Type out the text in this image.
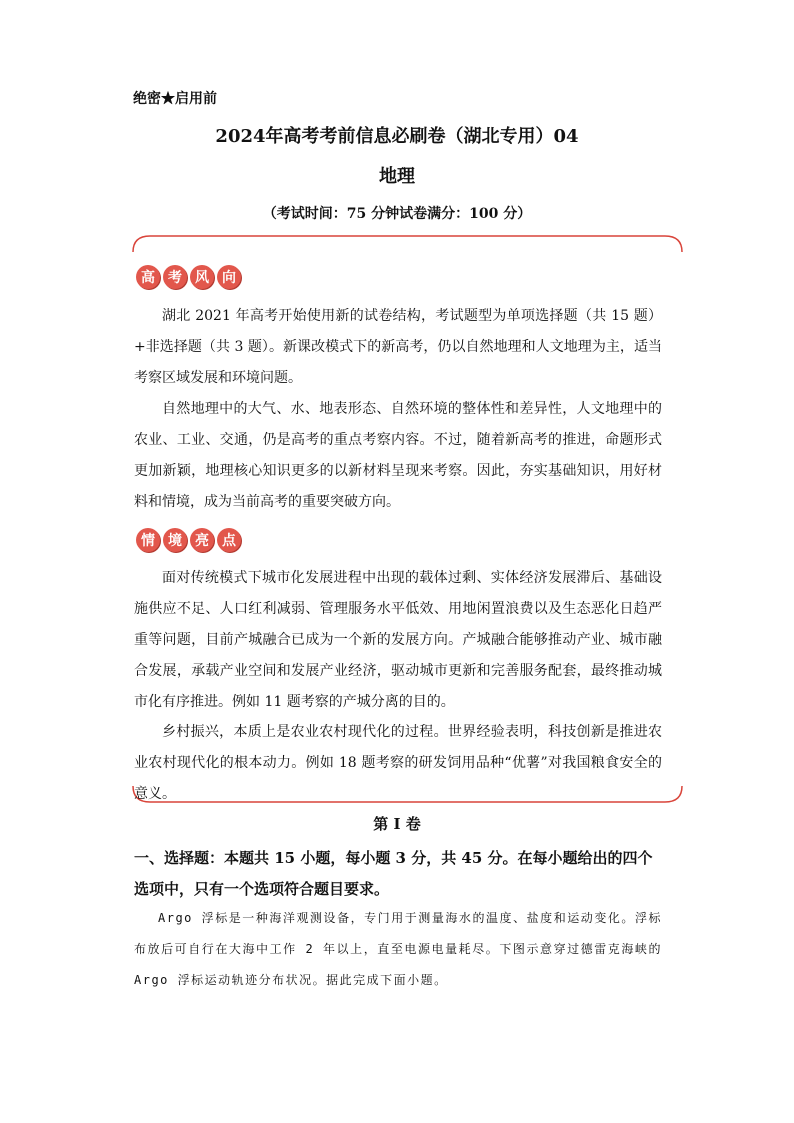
绝密★启用前
2024年高考考前信息必刷卷（湖北专用）04
地理
（考试时间：75 分钟试卷满分：100 分）
高 考 风 向
湖北 2021 年高考开始使用新的试卷结构，考试题型为单项选择题（共 15 题）+非选择题（共 3 题）。新课改模式下的新高考，仍以自然地理和人文地理为主，适当考察区域发展和环境问题。
自然地理中的大气、水、地表形态、自然环境的整体性和差异性，人文地理中的农业、工业、交通，仍是高考的重点考察内容。不过，随着新高考的推进，命题形式更加新颖，地理核心知识更多的以新材料呈现来考察。因此，夯实基础知识，用好材料和情境，成为当前高考的重要突破方向。
情 境 亮 点
面对传统模式下城市化发展进程中出现的载体过剩、实体经济发展滞后、基础设施供应不足、人口红利减弱、管理服务水平低效、用地闲置浪费以及生态恶化日趋严重等问题，目前产城融合已成为一个新的发展方向。产城融合能够推动产业、城市融合发展，承载产业空间和发展产业经济，驱动城市更新和完善服务配套，最终推动城市化有序推进。例如 11 题考察的产城分离的目的。
乡村振兴，本质上是农业农村现代化的过程。世界经验表明，科技创新是推进农业农村现代化的根本动力。例如 18 题考察的研发饲用品种“优薯”对我国粮食安全的意义。
第 I 卷
一、选择题：本题共 15 小题，每小题 3 分，共 45 分。在每小题给出的四个选项中，只有一个选项符合题目要求。
Argo 浮标是一种海洋观测设备，专门用于测量海水的温度、盐度和运动变化。浮标布放后可自行在大海中工作 2 年以上，直至电源电量耗尽。下图示意穿过德雷克海峡的 Argo 浮标运动轨迹分布状况。据此完成下面小题。
